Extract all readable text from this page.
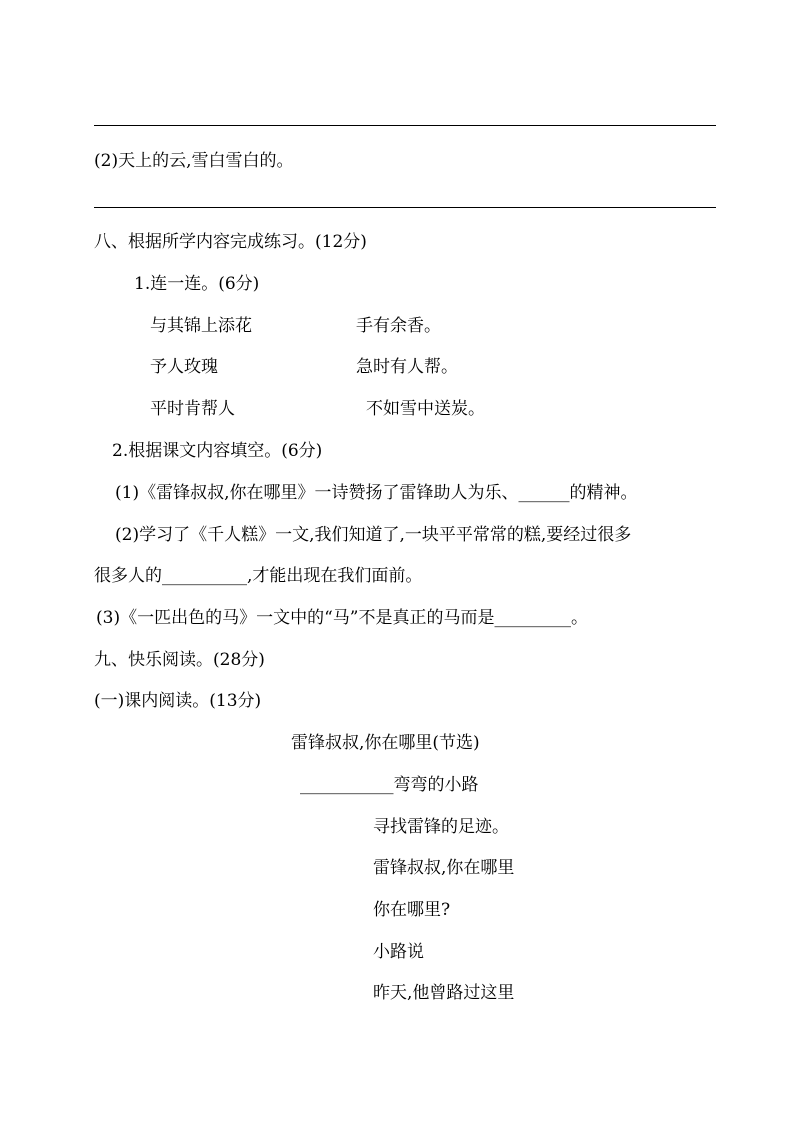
(2)天上的云,雪白雪白的。
八、根据所学内容完成练习。(12分)
1.连一连。(6分)
与其锦上添花	手有余香。
予人玫瑰	急时有人帮。
平时肯帮人	不如雪中送炭。
2.根据课文内容填空。(6分)
(1)《雷锋叔叔,你在哪里》一诗赞扬了雷锋助人为乐、______的精神。
(2)学习了《千人糕》一文,我们知道了,一块平平常常的糕,要经过很多
很多人的__________,才能出现在我们面前。
(3)《一匹出色的马》一文中的“马”不是真正的马而是_________。
九、快乐阅读。(28分)
(一)课内阅读。(13分)
雷锋叔叔,你在哪里(节选)
___________弯弯的小路
寻找雷锋的足迹。
雷锋叔叔,你在哪里
你在哪里?
小路说
昨天,他曾路过这里
